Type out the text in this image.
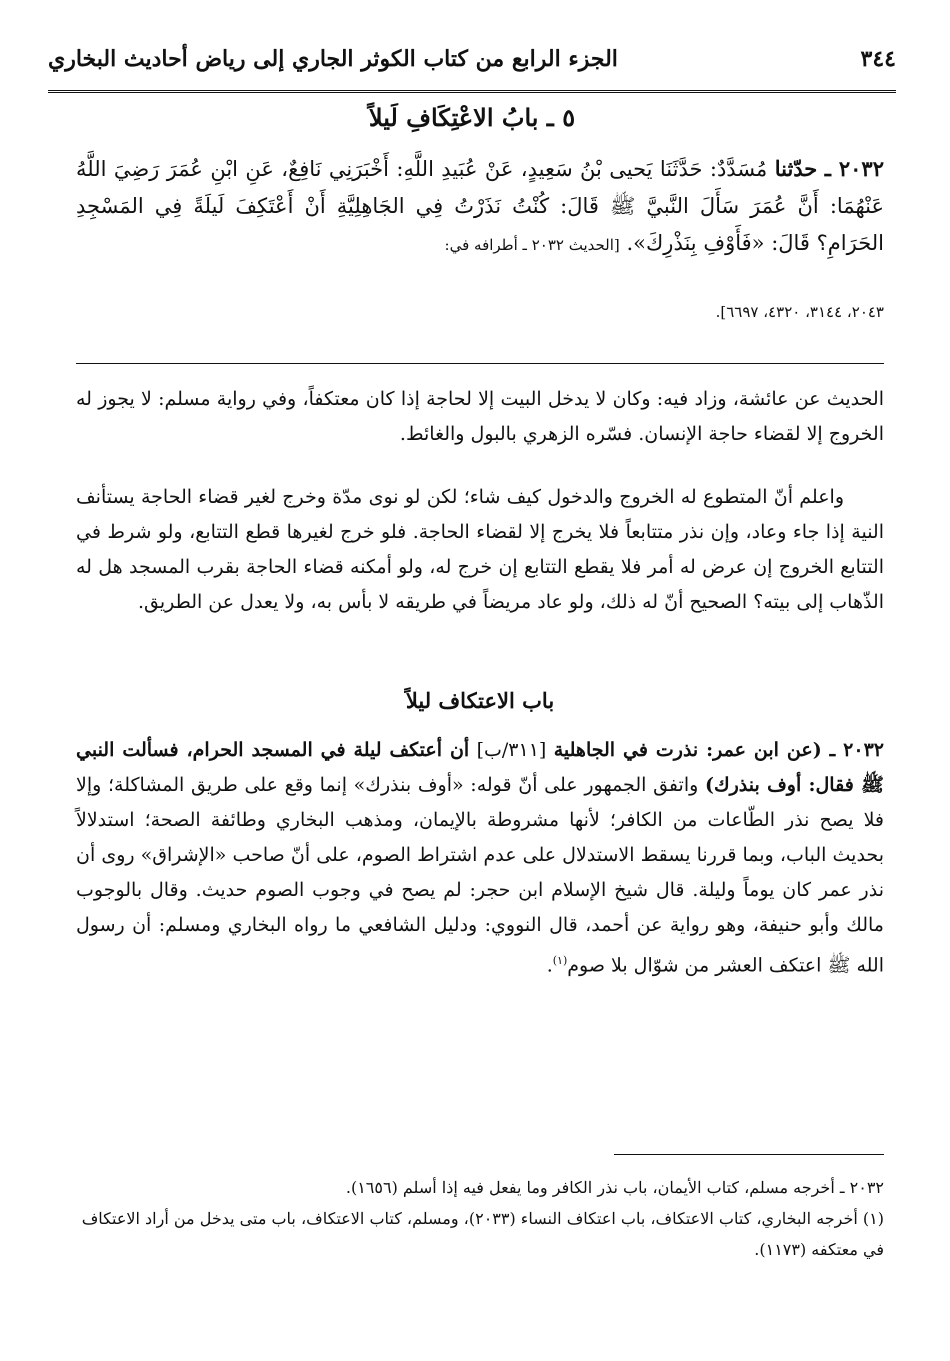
٣٤٤
الجزء الرابع من كتاب الكوثر الجاري إلى رياض أحاديث البخاري
٥ ـ بابُ الاعْتِكَافِ لَيلاً
٢٠٣٢ ـ حدّثنا مُسَدَّدٌ: حَدَّثَنَا يَحيى بْنُ سَعِيدٍ، عَنْ عُبَيدِ اللَّهِ: أَخْبَرَنِي نَافِعٌ، عَنِ ابْنِ عُمَرَ رَضِيَ اللَّهُ عَنْهُمَا: أَنَّ عُمَرَ سَأَلَ النَّبيَّ ﷺ قَالَ: كُنْتُ نَذَرْتُ فِي الجَاهِلِيَّةِ أَنْ أَعْتَكِفَ لَيلَةً فِي المَسْجِدِ الحَرَامِ؟ قَالَ: «فَأَوْفِ بِنَذْرِكَ». [الحديث ٢٠٣٢ ـ أطرافه في:
٢٠٤٣، ٣١٤٤، ٤٣٢٠، ٦٦٩٧].
الحديث عن عائشة، وزاد فيه: وكان لا يدخل البيت إلا لحاجة إذا كان معتكفاً، وفي رواية مسلم: لا يجوز له الخروج إلا لقضاء حاجة الإنسان. فسّره الزهري بالبول والغائط.
واعلم أنّ المتطوع له الخروج والدخول كيف شاء؛ لكن لو نوى مدّة وخرج لغير قضاء الحاجة يستأنف النية إذا جاء وعاد، وإن نذر متتابعاً فلا يخرج إلا لقضاء الحاجة. فلو خرج لغيرها قطع التتابع، ولو شرط في التتابع الخروج إن عرض له أمر فلا يقطع التتابع إن خرج له، ولو أمكنه قضاء الحاجة بقرب المسجد هل له الذّهاب إلى بيته؟ الصحيح أنّ له ذلك، ولو عاد مريضاً في طريقه لا بأس به، ولا يعدل عن الطريق.
باب الاعتكاف ليلاً
٢٠٣٢ ـ (عن ابن عمر: نذرت في الجاهلية [٣١١/ب] أن أعتكف ليلة في المسجد الحرام، فسألت النبي ﷺ فقال: أوف بنذرك) واتفق الجمهور على أنّ قوله: «أوف بنذرك» إنما وقع على طريق المشاكلة؛ وإلا فلا يصح نذر الطّاعات من الكافر؛ لأنها مشروطة بالإيمان، ومذهب البخاري وطائفة الصحة؛ استدلالاً بحديث الباب، وبما قررنا يسقط الاستدلال على عدم اشتراط الصوم، على أنّ صاحب «الإشراق» روى أن نذر عمر كان يوماً وليلة. قال شيخ الإسلام ابن حجر: لم يصح في وجوب الصوم حديث. وقال بالوجوب مالك وأبو حنيفة، وهو رواية عن أحمد، قال النووي: ودليل الشافعي ما رواه البخاري ومسلم: أن رسول الله ﷺ اعتكف العشر من شوّال بلا صوم$^{(١)}$.
٢٠٣٢ ـ أخرجه مسلم، كتاب الأيمان، باب نذر الكافر وما يفعل فيه إذا أسلم (١٦٥٦).
(١) أخرجه البخاري، كتاب الاعتكاف، باب اعتكاف النساء (٢٠٣٣)، ومسلم، كتاب الاعتكاف، باب متى يدخل من أراد الاعتكاف في معتكفه (١١٧٣).
